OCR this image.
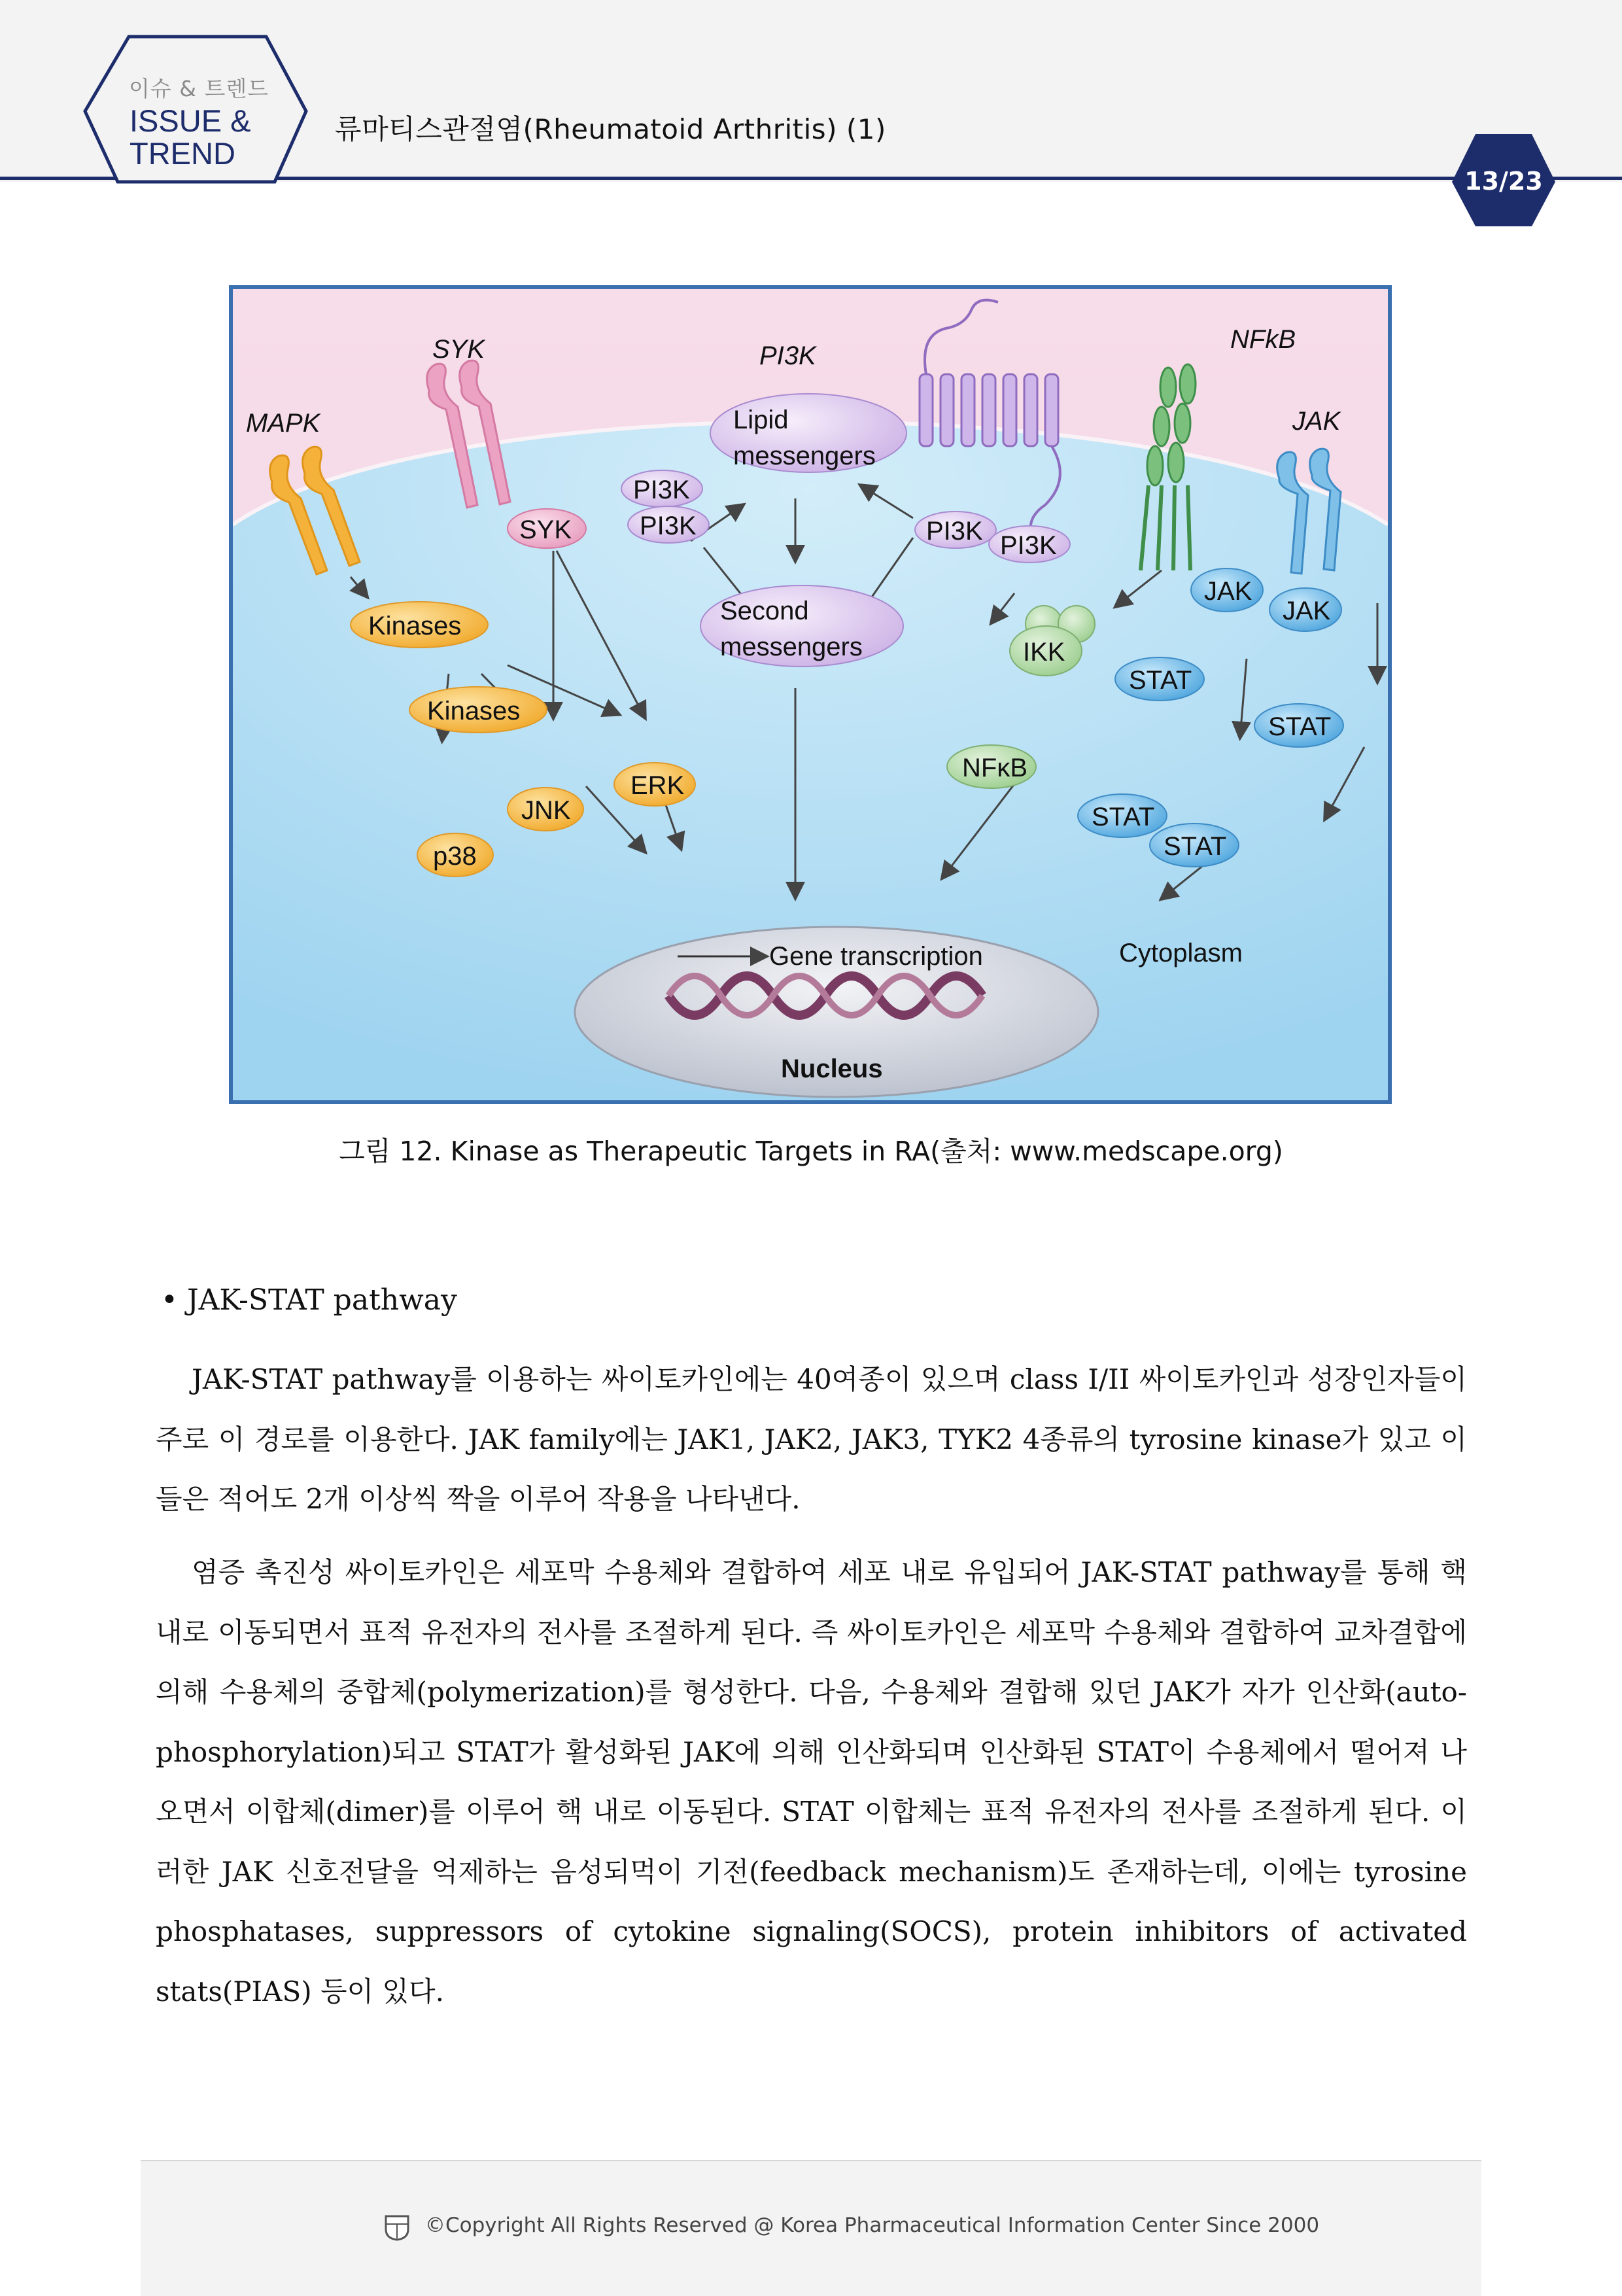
이슈 & 트렌드
ISSUE &
TREND
류마티스관절염(Rheumatoid Arthritis) (1)
13/23
SYK	PI3K
NFkB
MAPK	JAK
Lipid
messengers
PI3K
PI3K	PI3K PI3K
SYK
Kinases
Kinases
Second
messengers	IKK
JAK
JAK
STAT
STAT
STAT
STAT
ERK
JNK
p38
NFκB
Gene transcription
Nucleus
Cytoplasm
그림 12. Kinase as Therapeutic Targets in RA(출처: www.medscape.org)
• JAK-STAT pathway

JAK-STAT pathway를 이용하는 싸이토카인에는 40여종이 있으며 class I/II 싸이토카인과 성장인자들이 주로 이 경로를 이용한다. JAK family에는 JAK1, JAK2, JAK3, TYK2 4종류의 tyrosine kinase가 있고 이들은 적어도 2개 이상씩 짝을 이루어 작용을 나타낸다.

염증 촉진성 싸이토카인은 세포막 수용체와 결합하여 세포 내로 유입되어 JAK-STAT pathway를 통해 핵 내로 이동되면서 표적 유전자의 전사를 조절하게 된다. 즉 싸이토카인은 세포막 수용체와 결합하여 교차결합에 의해 수용체의 중합체(polymerization)를 형성한다. 다음, 수용체와 결합해 있던 JAK가 자가 인산화(auto-phosphorylation)되고 STAT가 활성화된 JAK에 의해 인산화되며 인산화된 STAT이 수용체에서 떨어져 나오면서 이합체(dimer)를 이루어 핵 내로 이동된다. STAT 이합체는 표적 유전자의 전사를 조절하게 된다. 이러한 JAK 신호전달을 억제하는 음성되먹이 기전(feedback mechanism)도 존재하는데, 이에는 tyrosine phosphatases, suppressors of cytokine signaling(SOCS), protein inhibitors of activated stats(PIAS) 등이 있다.

©Copyright All Rights Reserved @ Korea Pharmaceutical Information Center Since 2000
